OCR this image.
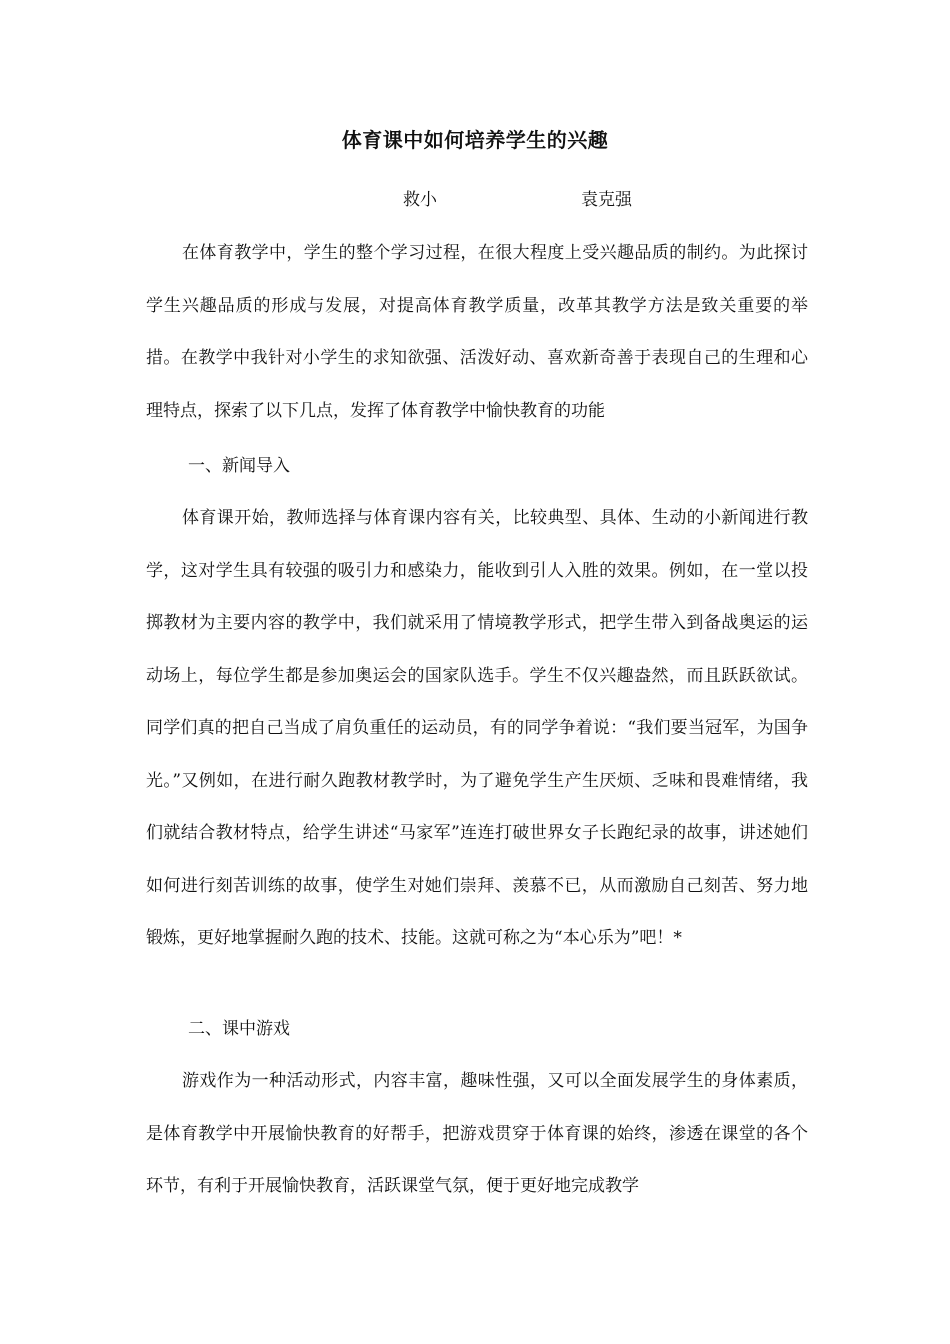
体育课中如何培养学生的兴趣
救小	袁克强

在体育教学中，学生的整个学习过程，在很大程度上受兴趣品质的制约。为此探讨学生兴趣品质的形成与发展，对提高体育教学质量，改革其教学方法是致关重要的举措。在教学中我针对小学生的求知欲强、活泼好动、喜欢新奇善于表现自己的生理和心理特点，探索了以下几点，发挥了体育教学中愉快教育的功能

一、新闻导入

体育课开始，教师选择与体育课内容有关，比较典型、具体、生动的小新闻进行教学，这对学生具有较强的吸引力和感染力，能收到引人入胜的效果。例如，在一堂以投掷教材为主要内容的教学中，我们就采用了情境教学形式，把学生带入到备战奥运的运动场上，每位学生都是参加奥运会的国家队选手。学生不仅兴趣盎然，而且跃跃欲试。同学们真的把自己当成了肩负重任的运动员，有的同学争着说：“我们要当冠军，为国争光。”又例如，在进行耐久跑教材教学时，为了避免学生产生厌烦、乏味和畏难情绪，我们就结合教材特点，给学生讲述“马家军”连连打破世界女子长跑纪录的故事，讲述她们如何进行刻苦训练的故事，使学生对她们崇拜、羡慕不已，从而激励自己刻苦、努力地锻炼，更好地掌握耐久跑的技术、技能。这就可称之为“本心乐为”吧！*

二、课中游戏

游戏作为一种活动形式，内容丰富，趣味性强，又可以全面发展学生的身体素质，是体育教学中开展愉快教育的好帮手，把游戏贯穿于体育课的始终，渗透在课堂的各个环节，有利于开展愉快教育，活跃课堂气氛，便于更好地完成教学
